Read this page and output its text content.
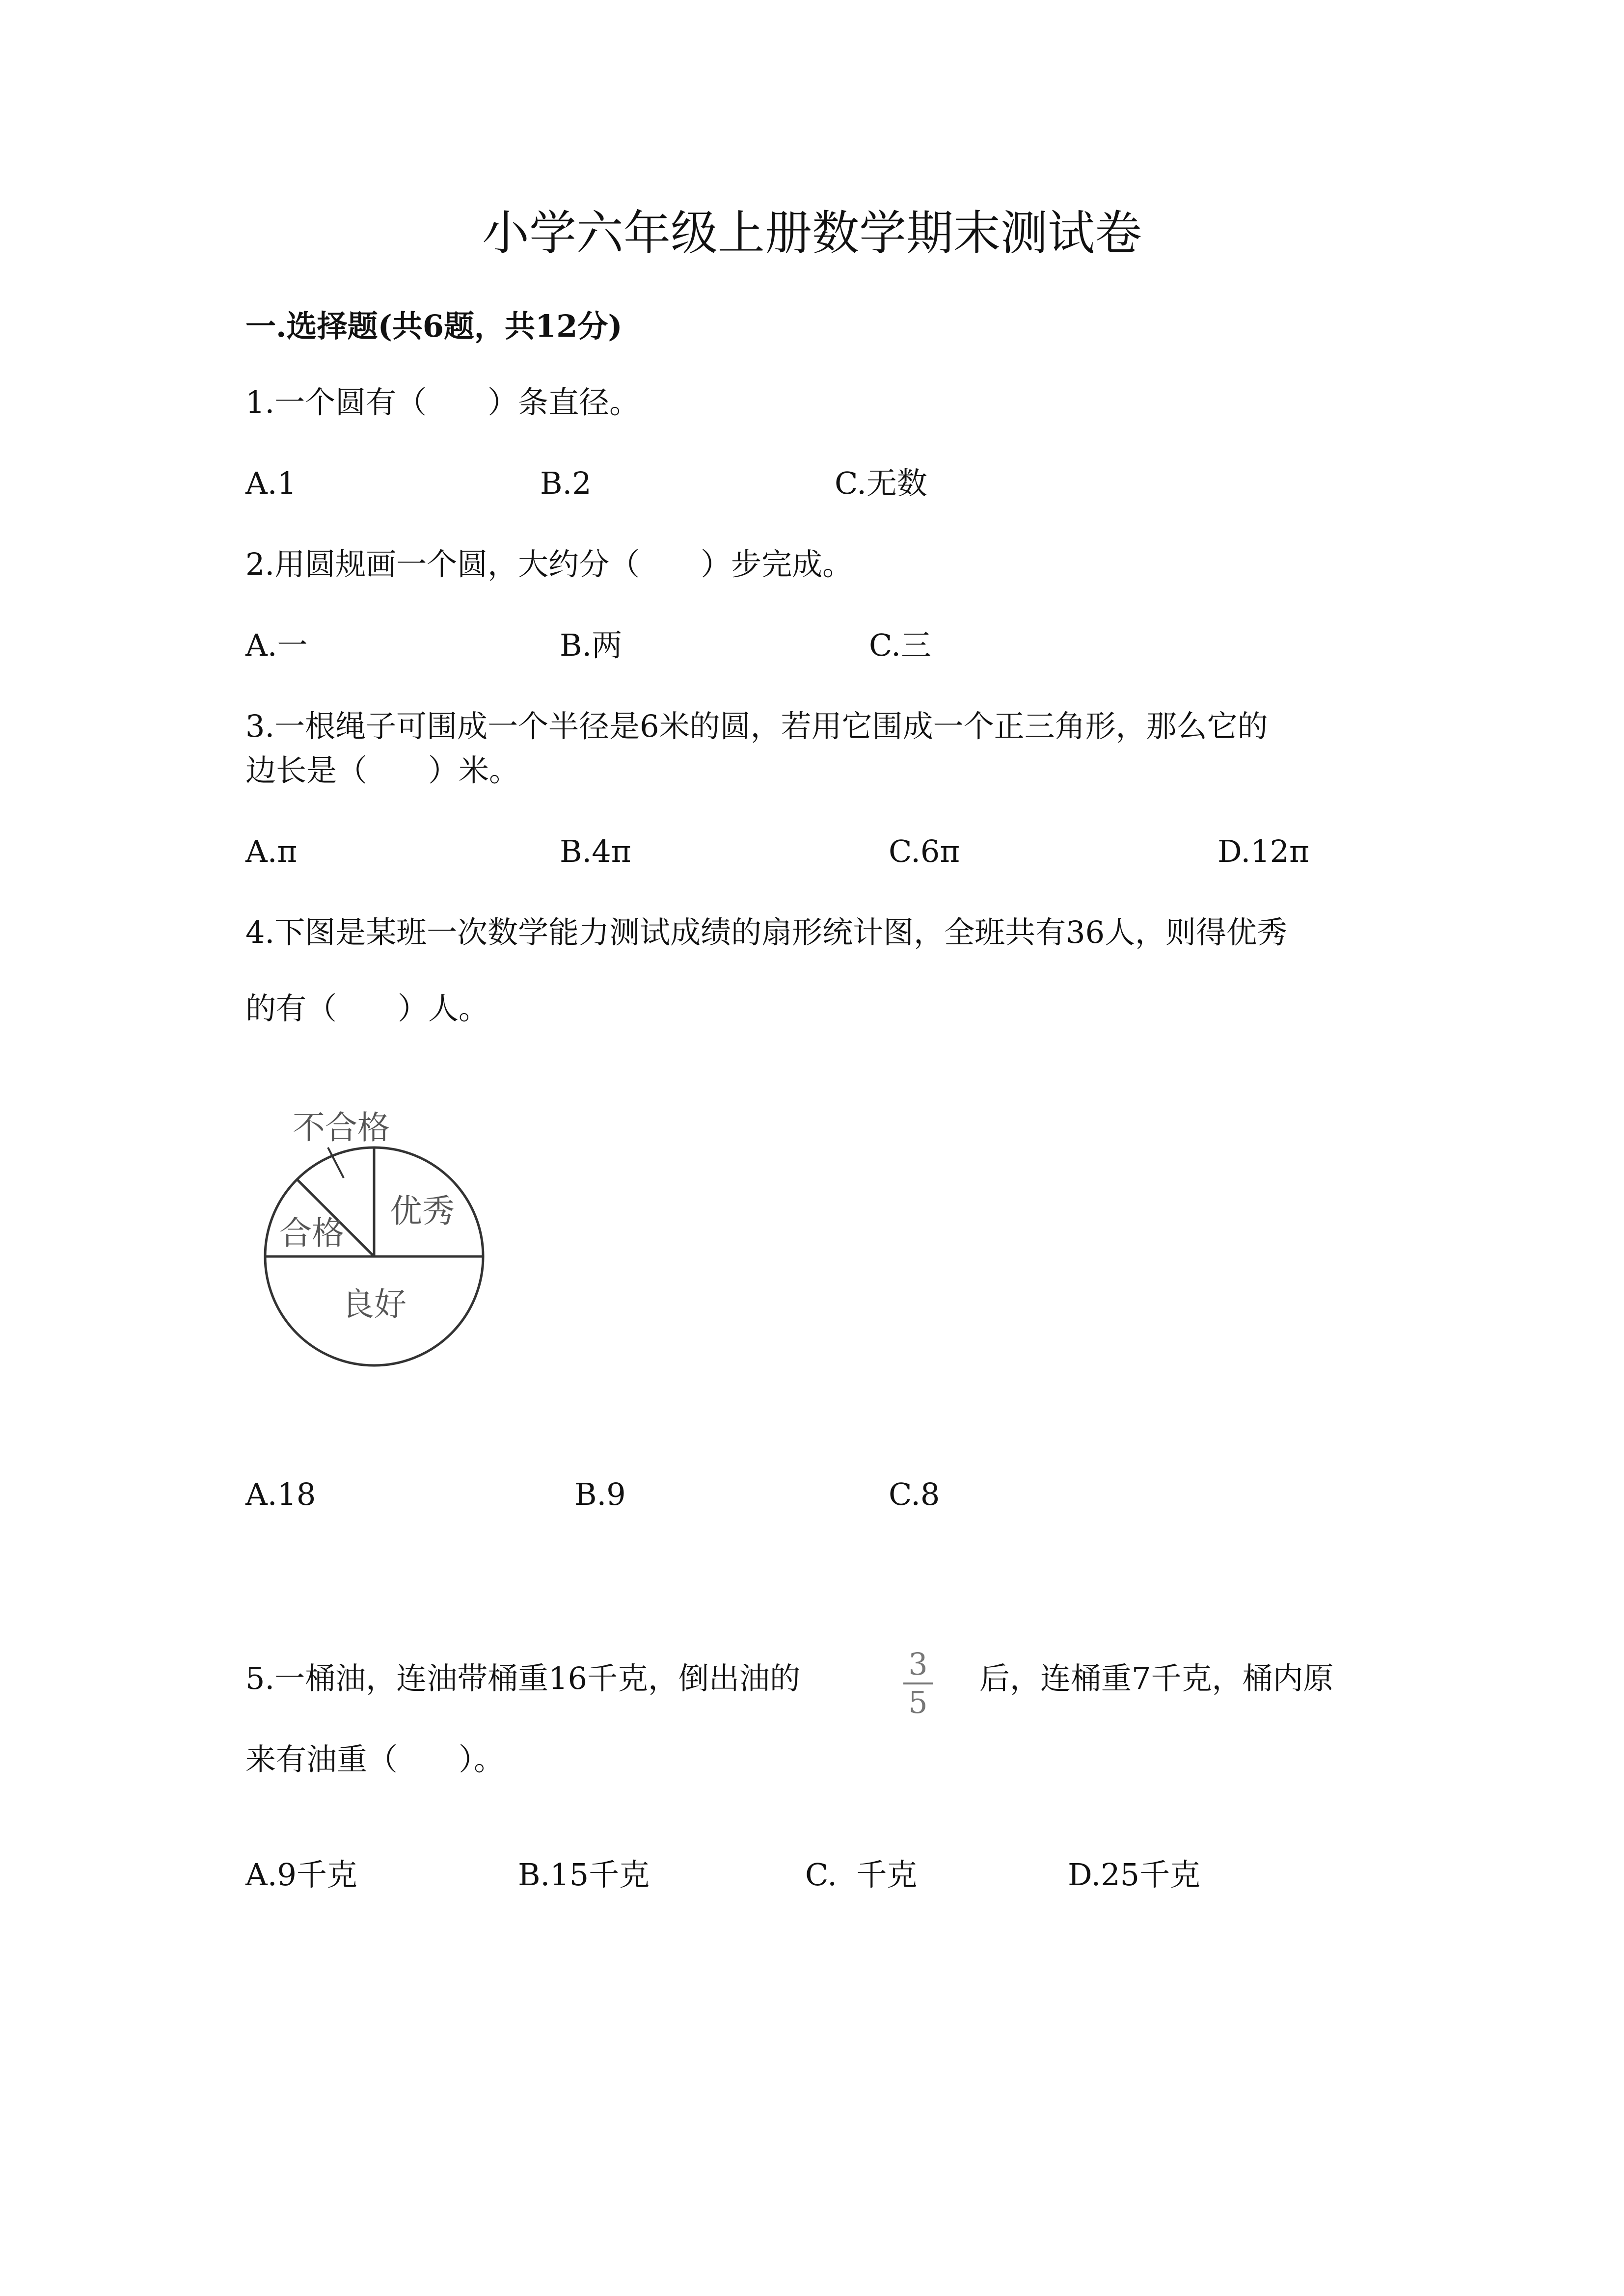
小学六年级上册数学期末测试卷
一.选择题(共6题，共12分)
1.一个圆有（　　）条直径。
A.1	B.2	C.无数
2.用圆规画一个圆，大约分（　　）步完成。
A.一	B.两	C.三
3.一根绳子可围成一个半径是6米的圆，若用它围成一个正三角形，那么它的
边长是（　　）米。
A.π	B.4π	C.6π	D.12π
4.下图是某班一次数学能力测试成绩的扇形统计图，全班共有36人，则得优秀
的有（　　）人。
不合格
合格
优秀
良好
A.18	B.9	C.8
5.一桶油，连油带桶重16千克，倒出油的	3
5
后，连桶重7千克，桶内原
来有油重（　　）。
A.9千克	B.15千克	C.  千克	D.25千克
